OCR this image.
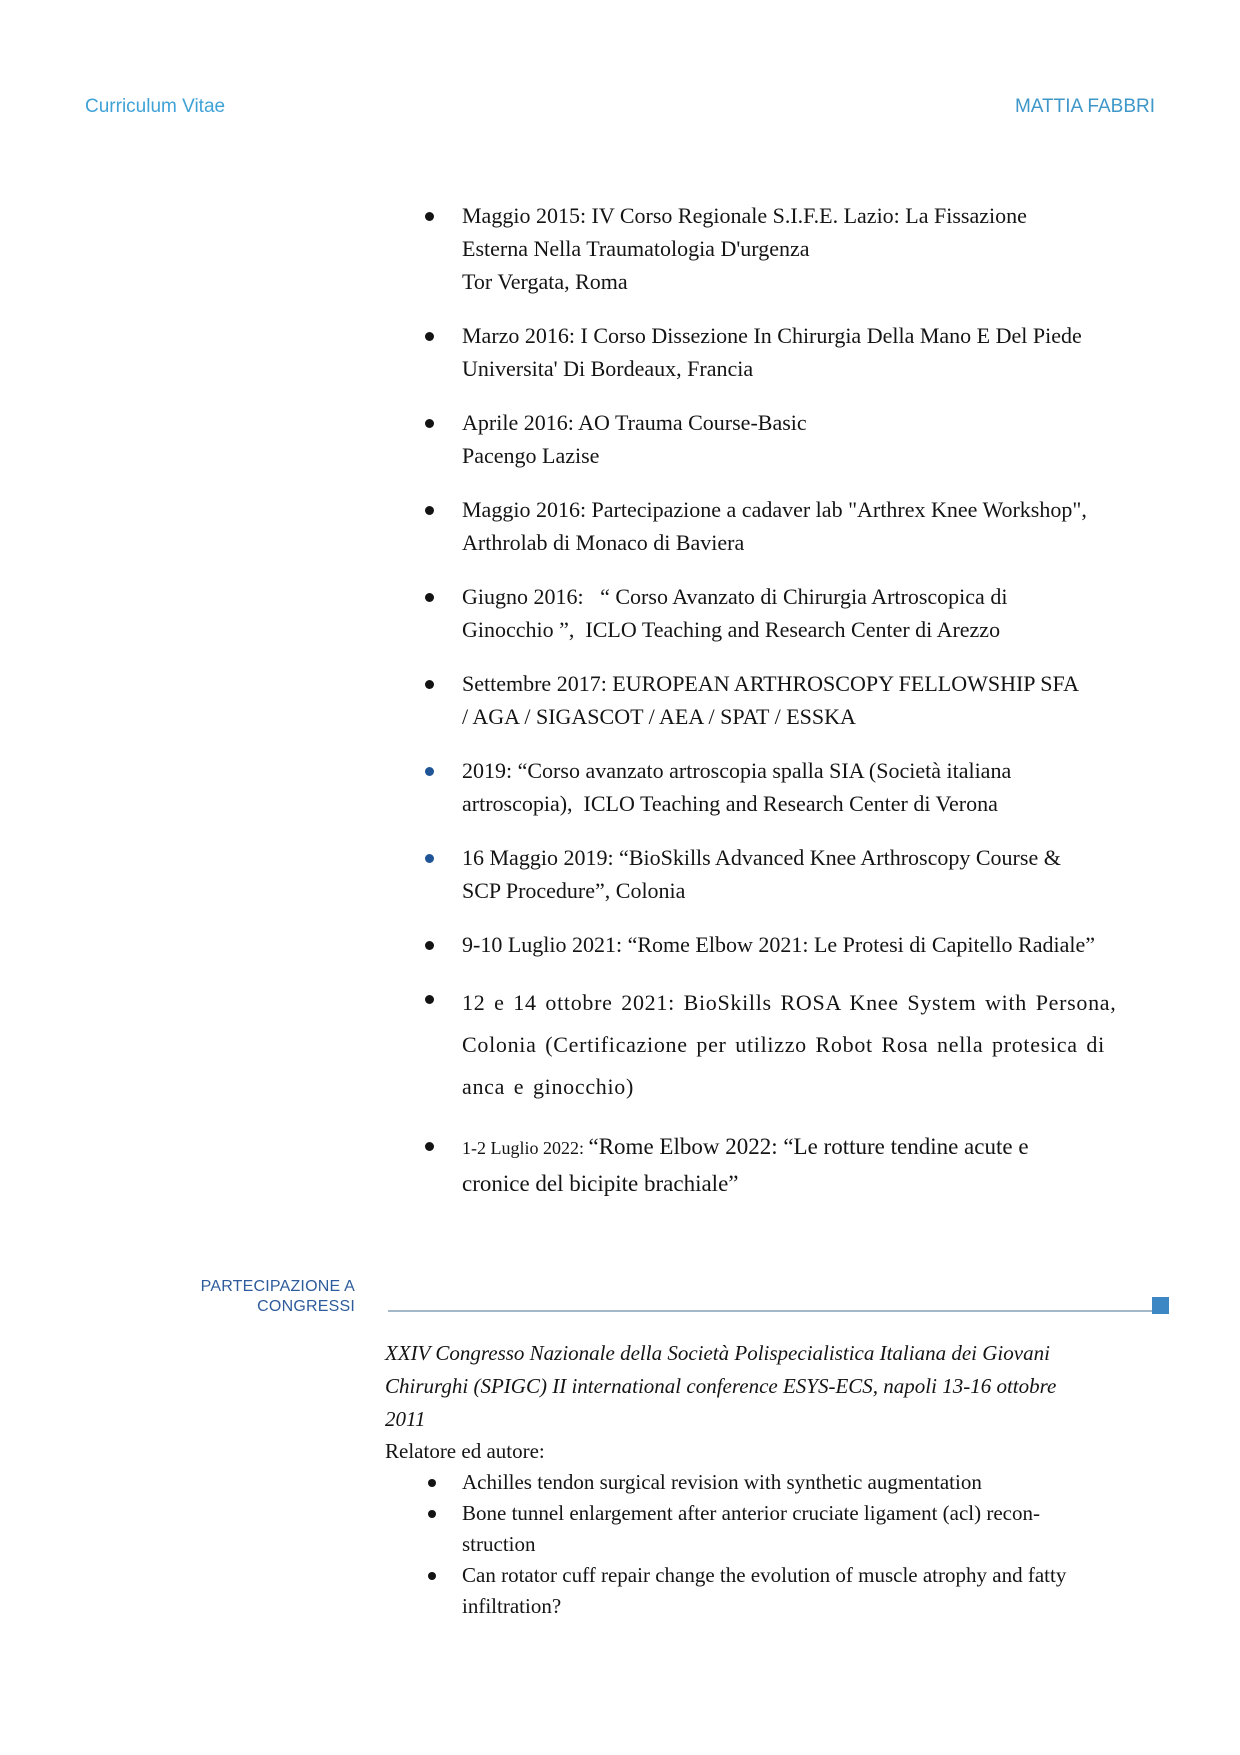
Curriculum Vitae	MATTIA FABBRI
Maggio 2015: IV Corso Regionale S.I.F.E. Lazio: La Fissazione
Esterna Nella Traumatologia D'urgenza
Tor Vergata, Roma
Marzo 2016: I Corso Dissezione In Chirurgia Della Mano E Del Piede
Universita' Di Bordeaux, Francia
Aprile 2016: AO Trauma Course-Basic
Pacengo Lazise
Maggio 2016: Partecipazione a cadaver lab "Arthrex Knee Workshop",
Arthrolab di Monaco di Baviera
Giugno 2016:   “ Corso Avanzato di Chirurgia Artroscopica di
Ginocchio ”,  ICLO Teaching and Research Center di Arezzo
Settembre 2017: EUROPEAN ARTHROSCOPY FELLOWSHIP SFA
/ AGA / SIGASCOT / AEA / SPAT / ESSKA
2019: “Corso avanzato artroscopia spalla SIA (Società italiana
artroscopia),  ICLO Teaching and Research Center di Verona
16 Maggio 2019: “BioSkills Advanced Knee Arthroscopy Course &
SCP Procedure”, Colonia
9-10 Luglio 2021: “Rome Elbow 2021: Le Protesi di Capitello Radiale”
12 e 14 ottobre 2021: BioSkills ROSA Knee System with Persona,
Colonia (Certificazione per utilizzo Robot Rosa nella protesica di
anca e ginocchio)
1-2 Luglio 2022: “Rome Elbow 2022: “Le rotture tendine acute e
cronice del bicipite brachiale”
PARTECIPAZIONE A
CONGRESSI
XXIV Congresso Nazionale della Società Polispecialistica Italiana dei Giovani
Chirurghi (SPIGC) II international conference ESYS-ECS, napoli 13-16 ottobre
2011
Relatore ed autore:
Achilles tendon surgical revision with synthetic augmentation
Bone tunnel enlargement after anterior cruciate ligament (acl) recon-
struction
Can rotator cuff repair change the evolution of muscle atrophy and fatty
infiltration?
